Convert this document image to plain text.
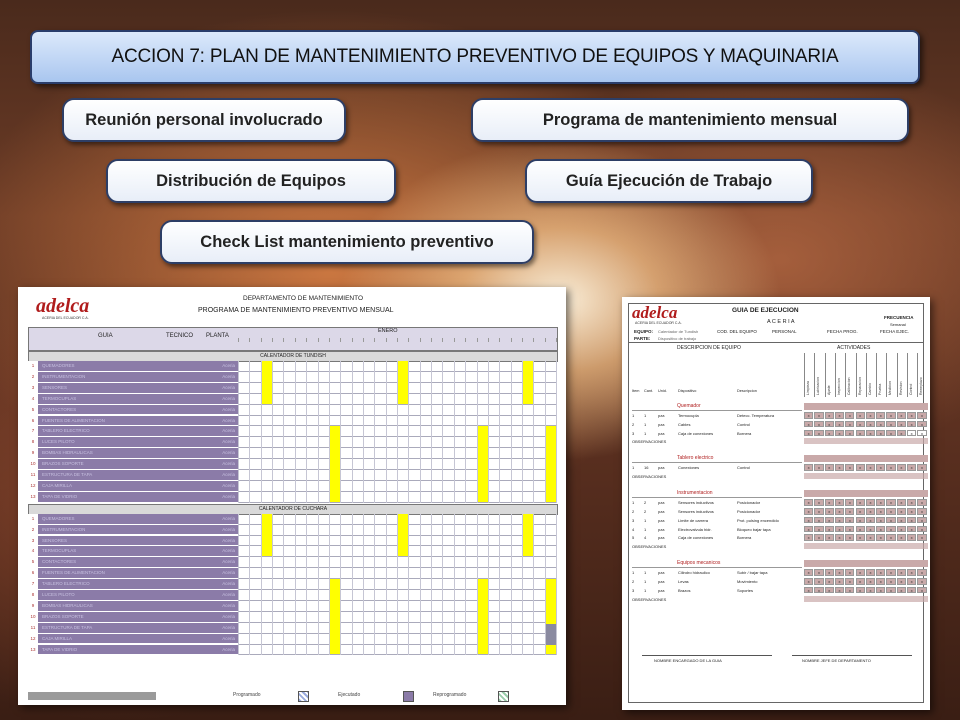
ACCION 7: PLAN DE MANTENIMIENTO PREVENTIVO DE EQUIPOS Y MAQUINARIA
Reunión personal involucrado	Programa de mantenimiento mensual
Distribución de Equipos	Guía Ejecución de Trabajo
Check List mantenimiento preventivo
adelca
ACERIA DEL ECUADOR C.A.
DEPARTAMENTO DE MANTENIMIENTO
PROGRAMA DE MANTENIMIENTO PREVENTIVO MENSUAL
GUIA	TECNICO PLANTA
ENERO
CALENTADOR DE TUNDISH
1	QUEMADORES	Aceria
2	INSTRUMENTACION	Aceria
3	SENSORES	Aceria
4	TERMOCUPLAS	Aceria
5	CONTACTORES	Aceria
6	FUENTES DE ALIMENTACION	Aceria
7	TABLERO ELECTRICO	Aceria
8	LUCES PILOTO	Aceria
9	BOMBAS HIDRAULICAS	Aceria
10	BRAZOS SOPORTE	Aceria
11	ESTRUCTURA DE TAPA	Aceria
12	CAJA MIRILLA	Aceria
13	TAPA DE VIDRIO	Aceria
CALENTADOR DE CUCHARA
1	QUEMADORES	Aceria
2	INSTRUMENTACION	Aceria
3	SENSORES	Aceria
4	TERMOCUPLAS	Aceria
5	CONTACTORES	Aceria
6	FUENTES DE ALIMENTACION	Aceria
7	TABLERO ELECTRICO	Aceria
8	LUCES PILOTO	Aceria
9	BOMBAS HIDRAULICAS	Aceria
10	BRAZOS SOPORTE	Aceria
11	ESTRUCTURA DE TAPA	Aceria
12	CAJA MIRILLA	Aceria
13	TAPA DE VIDRIO	Aceria
Programado	Ejecutado	Reprogramado
adelca
ACERIA DEL ECUADOR C.A.
GUIA DE EJECUCION
A C E R I A
FRECUENCIA
Semanal
EQUIPO: Calentador de Tundish
PARTE: Dispositivo de trabajo
COD. DEL EQUIPO	PERSONAL	FECHA PROG.	FECHA EJEC.
DESCRIPCION DE EQUIPO	ACTIVIDADES
Limpieza Lubricacion Ajuste Inspeccion Calibracion Reparacion Cambio Prueba Medicion Revision Control Reemplazo
Item Cant. Unid.	Dispositivo	Descripcion
Quemador
1 1	pza	Termocupla	Detecc. Temperatura	x	x	x	x	x	x	x	x	x	x	x	x
2 1	pza	Cables	Control	x	x	x	x	x	x	x	x	x	x	x	x
3 1	pza	Caja de conexiones	Bornera	x	x	x	x	x	x	x	x	x	x	x	x
OBSERVACIONES
Tablero electrico
1 16 pza	Conexiones	Control	x	x	x	x	x	x	x	x	x	x	x	x
OBSERVACIONES
Instrumentacion
1 2	pza	Sensores inductivos	Posicionador	x	x	x	x	x	x	x	x	x	x	x	x
2 2	pza	Sensores inductivos	Posicionador	x	x	x	x	x	x	x	x	x	x	x	x
3 1	pza	Limite de carrera	Prot. pulsing encendido	x	x	x	x	x	x	x	x	x	x	x	x
4 1	pza	Electrovalvula hidr.	Bloqueo bajar tapa	x	x	x	x	x	x	x	x	x	x	x	x
5 4	pza	Caja de conexiones	Bornera	x	x	x	x	x	x	x	x	x	x	x	x
OBSERVACIONES
Equipos mecanicos
1 1	pza	Cilindro hidraulico	Subir / bajar tapa	x	x	x	x	x	x	x	x	x	x	x	x
2 1	pza	Levas	Movimiento	x	x	x	x	x	x	x	x	x	x	x	x
3 1	pza	Brazos	Soportes	x	x	x	x	x	x	x	x	x	x	x	x
OBSERVACIONES
NOMBRE ENCARGADO DE LA GUIA	NOMBRE JEFE DE DEPARTAMENTO
